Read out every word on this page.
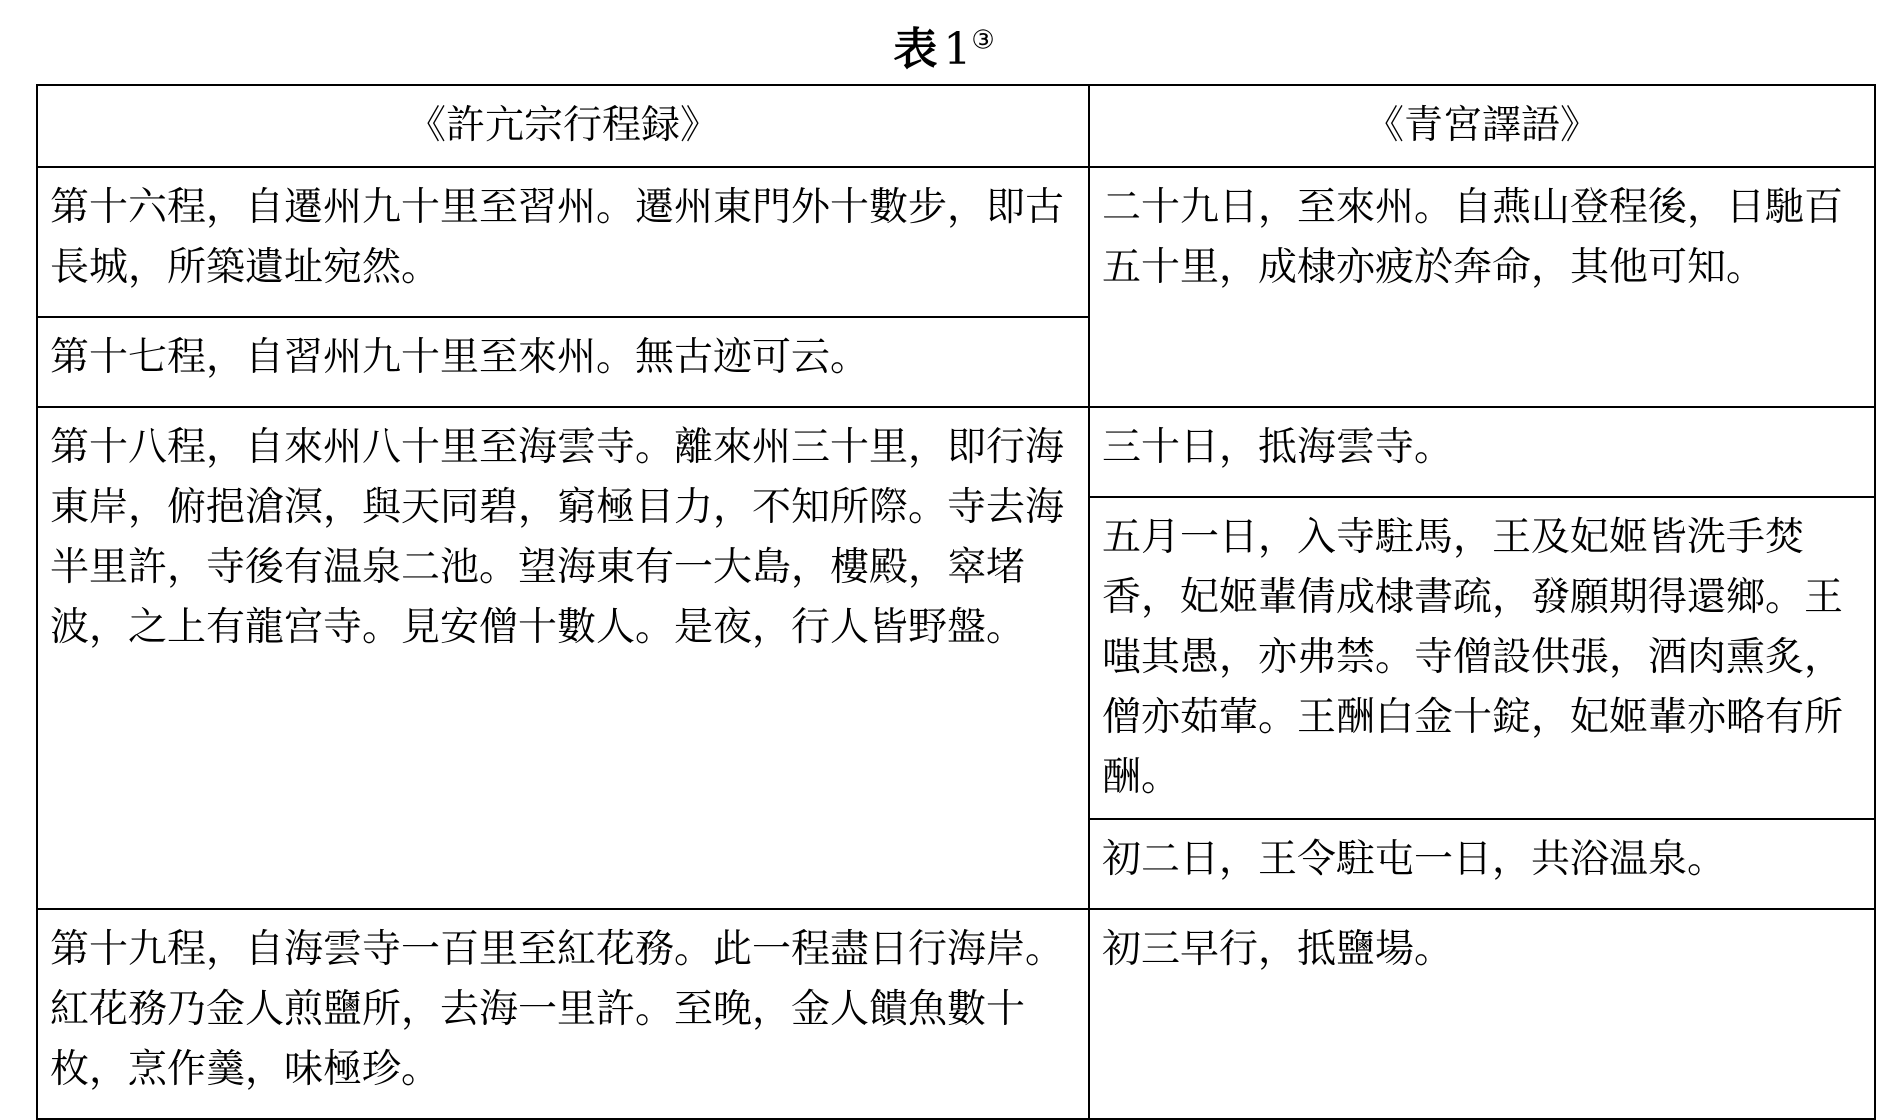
表 1③
《許亢宗行程録》	《青宮譯語》
第十六程，自遷州九十里至習州。遷州東門外十數步，即古長城，所築遺址宛然。	二十九日，至來州。自燕山登程後，日馳百五十里，成棣亦疲於奔命，其他可知。
第十七程，自習州九十里至來州。無古迹可云。	
第十八程，自來州八十里至海雲寺。離來州三十里，即行海東岸，俯挹滄溟，與天同碧，窮極目力，不知所際。寺去海半里許，寺後有温泉二池。望海東有一大島，樓殿，窣堵波，之上有龍宫寺。見安僧十數人。是夜，行人皆野盤。	三十日，抵海雲寺。
	五月一日，入寺駐馬，王及妃姬皆洗手焚香，妃姬輩倩成棣書疏，發願期得還鄉。王嗤其愚，亦弗禁。寺僧設供張，酒肉熏炙，僧亦茹葷。王酬白金十錠，妃姬輩亦略有所酬。
	初二日，王令駐屯一日，共浴温泉。
第十九程，自海雲寺一百里至紅花務。此一程盡日行海岸。紅花務乃金人煎鹽所，去海一里許。至晚，金人饋魚數十枚，烹作羹，味極珍。	初三早行，抵鹽場。
